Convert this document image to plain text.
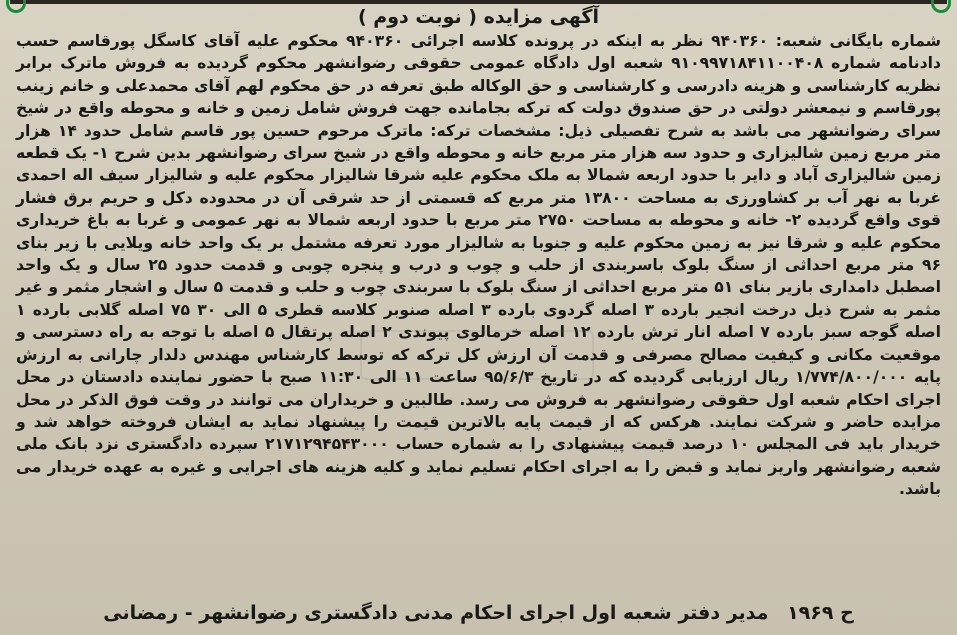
آگهی مزایده ( نوبت دوم )
شماره بایگانی شعبه: ۹۴۰۳۶۰ نظر به اینکه در پرونده کلاسه اجرائی ۹۴۰۳۶۰ محکوم علیه آقای کاسگل پورقاسم حسب دادنامه شماره ۹۱۰۹۹۷۱۸۴۱۱۰۰۴۰۸ شعبه اول دادگاه عمومی حقوقی رضوانشهر محکوم گردیده به فروش ماترک برابر نظریه کارشناسی و هزینه دادرسی و کارشناسی و حق الوکاله طبق تعرفه در حق محکوم لهم آقای محمدعلی و خانم زینب پورقاسم و نیمعشر دولتی در حق صندوق دولت که ترکه بجامانده جهت فروش شامل زمین و خانه و محوطه واقع در شیخ سرای رضوانشهر می باشد به شرح تفصیلی ذیل: مشخصات ترکه: ماترک مرحوم حسین پور قاسم شامل حدود ۱۴ هزار متر مربع زمین شالیزاری و حدود سه هزار متر مربع خانه و محوطه واقع در شیخ سرای رضوانشهر بدین شرح ۱- یک قطعه زمین شالیزاری آباد و دایر با حدود اربعه شمالا به ملک محکوم علیه شرقا شالیزار محکوم علیه و شالیزار سیف اله احمدی غربا به نهر آب بر کشاورزی به مساحت ۱۳۸۰۰ متر مربع که قسمتی از حد شرقی آن در محدوده دکل و حریم برق فشار قوی واقع گردیده ۲- خانه و محوطه به مساحت ۲۷۵۰ متر مربع با حدود اربعه شمالا به نهر عمومی و غربا به باغ خریداری محکوم علیه و شرقا نیز به زمین محکوم علیه و جنوبا به شالیزار مورد تعرفه مشتمل بر یک واحد خانه ویلایی با زیر بنای ۹۶ متر مربع احداثی از سنگ بلوک باسربندی از حلب و چوب و درب و پنجره چوبی و قدمت حدود ۲۵ سال و یک واحد اصطبل دامداری بازیر بنای ۵۱ متر مربع احداثی از سنگ بلوک با سربندی چوب و حلب و قدمت ۵ سال و اشجار مثمر و غیر مثمر به شرح ذیل درخت انجیر بارده ۳ اصله گردوی بارده ۳ اصله صنوبر کلاسه قطری ۵ الی ۳۰ ۷۵ اصله گلابی بارده ۱ اصله گوجه سبز بارده ۷ اصله انار ترش بارده ۱۲ اصله خرمالوی پیوندی ۲ اصله پرتقال ۵ اصله با توجه به راه دسترسی و موقعیت مکانی و کیفیت مصالح مصرفی و قدمت آن ارزش کل ترکه که توسط کارشناس مهندس دلدار چارانی به ارزش پایه ۱/۷۷۴/۸۰۰/۰۰۰ ریال ارزیابی گردیده که در تاریخ ۹۵/۶/۳ ساعت ۱۱ الی ۱۱:۳۰ صبح با حضور نماینده دادستان در محل اجرای احکام شعبه اول حقوقی رضوانشهر به فروش می رسد. طالبین و خریداران می توانند در وقت فوق الذکر در محل مزایده حاضر و شرکت نمایند. هرکس که از قیمت پایه بالاترین قیمت را پیشنهاد نماید به ایشان فروخته خواهد شد و خریدار باید فی المجلس ۱۰ درصد قیمت پیشنهادی را به شماره حساب ۲۱۷۱۲۹۴۵۴۳۰۰۰ سپرده دادگستری نزد بانک ملی شعبه رضوانشهر واریز نماید و قبض را به اجرای احکام تسلیم نماید و کلیه هزینه های اجرایی و غیره به عهده خریدار می باشد.
ح ۱۹۶۹ مدیر دفتر شعبه اول اجرای احکام مدنی دادگستری رضوانشهر - رمضانی
